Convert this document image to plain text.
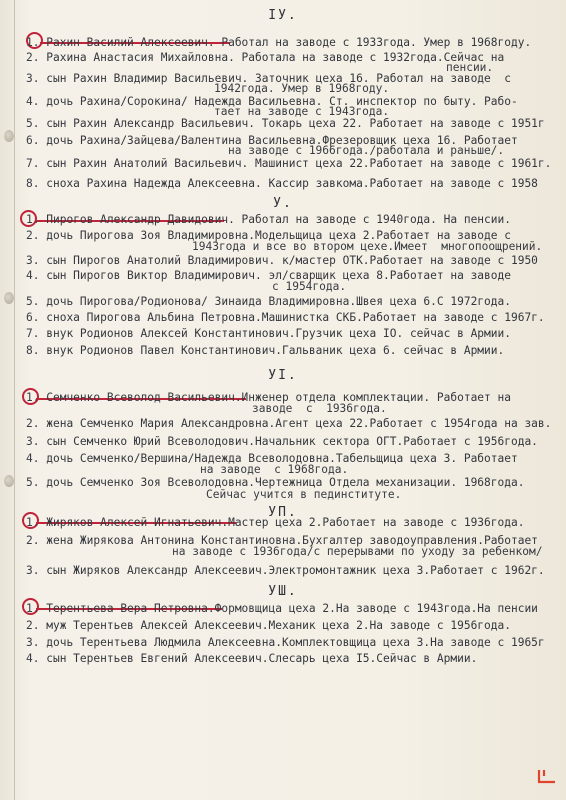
IУ.
1. Рахин Василий Алексеевич. Работал на заводе с 1933года. Умер в 1968году.
2. Рахина Анастасия Михайловна. Работала на заводе с 1932года.Сейчас на
пенсии.
3. сын Рахин Владимир Васильевич. Заточник цеха 16. Работал на заводе  с
1942года. Умер в 1968году.
4. дочь Рахина/Сорокина/ Надежда Васильевна. Ст. инспектор по быту. Рабо-
тает на заводе с 1943года.
5. сын Рахин Александр Васильевич. Токарь цеха 22. Работает на заводе с 1951г
6. дочь Рахина/Зайцева/Валентина Васильевна.Фрезеровщик цеха 16. Работает
на заводе с 1966года./работала и раньше/.
7. сын Рахин Анатолий Васильевич. Машинист цеха 22.Работает на заводе с 1961г.
8. сноха Рахина Надежда Алексеевна. Кассир завкома.Работает на заводе с 1958
У.
1. Пирогов Александр Давидович. Работал на заводе с 1940года. На пенсии.
2. дочь Пирогова Зоя Владимировна.Модельщица цеха 2.Работает на заводе с
1943года и все во втором цехе.Имеет  многопоощрений.
3. сын Пирогов Анатолий Владимирович. к/мастер ОТК.Работает на заводе с 1950
4. сын Пирогов Виктор Владимирович. эл/сварщик цеха 8.Работает на заводе
с 1954года.
5. дочь Пирогова/Родионова/ Зинаида Владимировна.Швея цеха 6.С 1972года.
6. сноха Пирогова Альбина Петровна.Машинистка СКБ.Работает на заводе с 1967г.
7. внук Родионов Алексей Константинович.Грузчик цеха IO. сейчас в Армии.
8. внук Родионов Павел Константинович.Гальваник цеха 6. сейчас в Армии.
УI.
1. Семченко Всеволод Васильевич.Инженер отдела комплектации. Работает на
заводе  с  1936года.
2. жена Семченко Мария Александровна.Агент цеха 22.Работает с 1954года на зав.
3. сын Семченко Юрий Всеволодович.Начальник сектора ОГТ.Работает с 1956года.
4. дочь Семченко/Вершина/Надежда Всеволодовна.Табельщица цеха 3. Работает
на заводе  с 1968года.
5. дочь Семченко Зоя Всеволодовна.Чертежница Отдела механизации. 1968года.
Сейчас учится в пединституте.
УП.
1. Жиряков Алексей Игнатьевич.Мастер цеха 2.Работает на заводе с 1936года.
2. жена Жирякова Антонина Константиновна.Бухгалтер заводоуправления.Работает
на заводе с 1936года/с перерывами по уходу за ребенком/
3. сын Жиряков Александр Алексеевич.Электромонтажник цеха 3.Работает с 1962г.
УШ.
1. Терентьева Вера Петровна.Формовщица цеха 2.На заводе с 1943года.На пенсии
2. муж Терентьев Алексей Алексеевич.Механик цеха 2.На заводе с 1956года.
3. дочь Терентьева Людмила Алексеевна.Комплектовщица цеха 3.На заводе с 1965г
4. сын Терентьев Евгений Алексеевич.Слесарь цеха I5.Сейчас в Армии.
